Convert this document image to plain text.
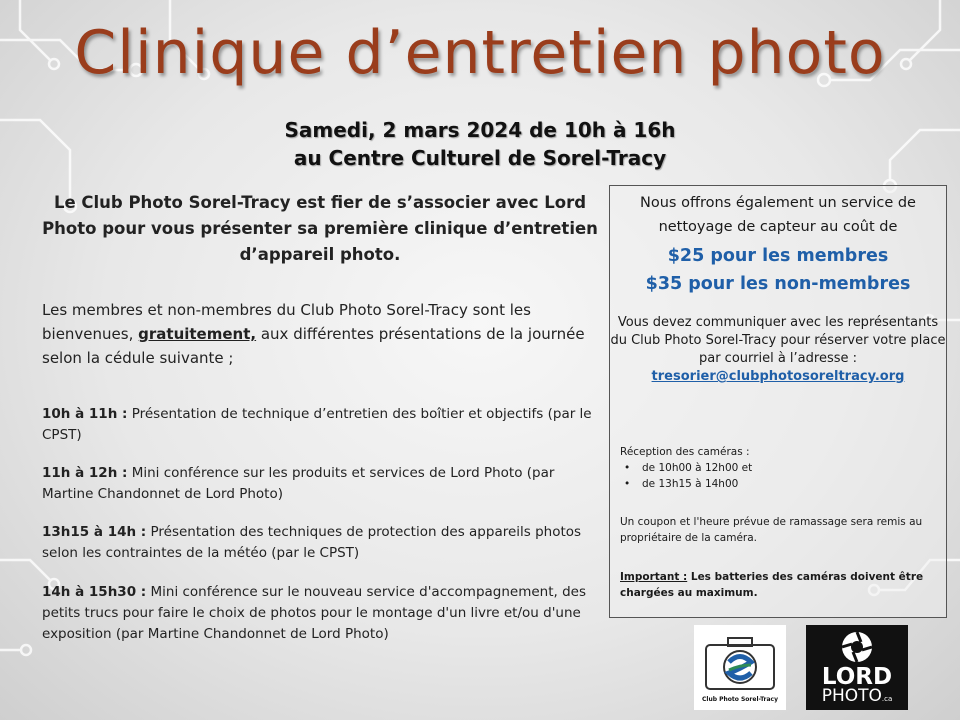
Clinique d’entretien photo
Samedi, 2 mars 2024 de 10h à 16h
au Centre Culturel de Sorel-Tracy
Le Club Photo Sorel-Tracy est fier de s’associer avec Lord Photo pour vous présenter sa première clinique d’entretien d’appareil photo.
Les membres et non-membres du Club Photo Sorel-Tracy sont les bienvenues, gratuitement, aux différentes présentations de la journée selon la cédule suivante ;
10h à 11h : Présentation de technique d’entretien des boîtier et objectifs (par le CPST)
11h à 12h : Mini conférence sur les produits et services de Lord Photo (par Martine Chandonnet de Lord Photo)
13h15 à 14h : Présentation des techniques de protection des appareils photos selon les contraintes de la météo (par le CPST)
14h à 15h30 : Mini conférence sur le nouveau service d'accompagnement, des petits trucs pour faire le choix de photos pour le montage d'un livre et/ou d'une exposition (par Martine Chandonnet de Lord Photo)
Nous offrons également un service de nettoyage de capteur au coût de
$25 pour les membres
$35 pour les non-membres
Vous devez communiquer avec les représentants du Club Photo Sorel-Tracy pour réserver votre place par courriel à l’adresse :
tresorier@clubphotosoreltracy.org
Réception des caméras :
• de 10h00 à 12h00 et
• de 13h15 à 14h00
Un coupon et l'heure prévue de ramassage sera remis au propriétaire de la caméra.
Important : Les batteries des caméras doivent être chargées au maximum.
Club Photo Sorel-Tracy
LORD
PHOTO.ca
